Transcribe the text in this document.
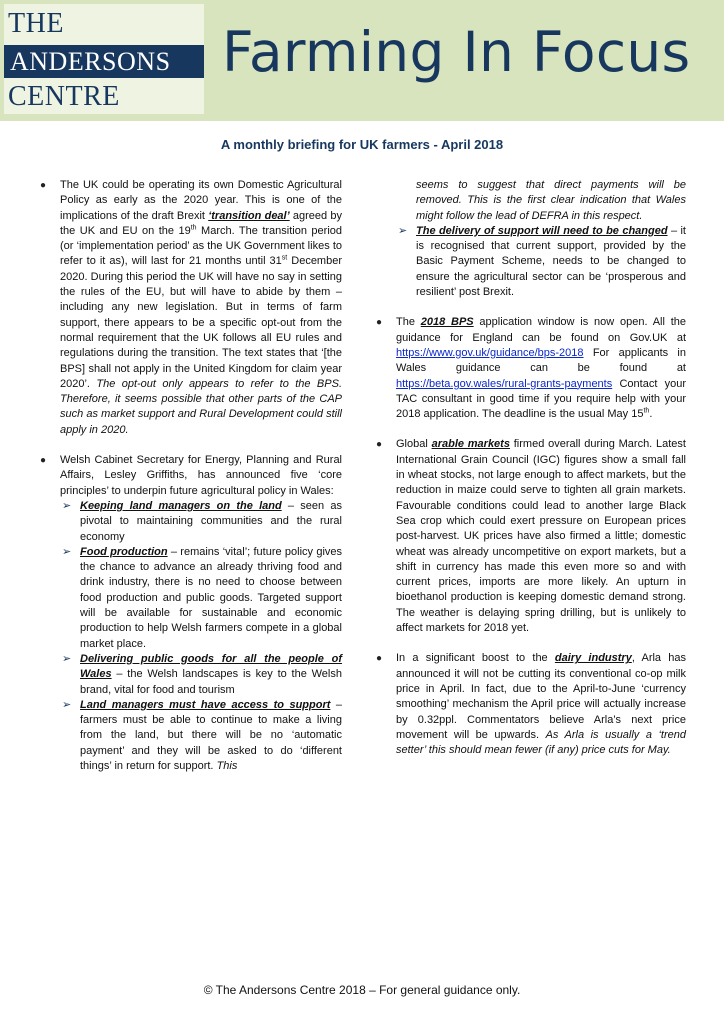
THE
ANDERSONS
CENTRE
Farming In Focus
A monthly briefing for UK farmers - April 2018
● The UK could be operating its own Domestic Agricultural Policy as early as the 2020 year. This is one of the implications of the draft Brexit ‘transition deal’ agreed by the UK and EU on the 19th March. The transition period (or ‘implementation period’ as the UK Government likes to refer to it as), will last for 21 months until 31st December 2020. During this period the UK will have no say in setting the rules of the EU, but will have to abide by them – including any new legislation. But in terms of farm support, there appears to be a specific opt-out from the normal requirement that the UK follows all EU rules and regulations during the transition. The text states that ‘[the BPS] shall not apply in the United Kingdom for claim year 2020’. The opt-out only appears to refer to the BPS. Therefore, it seems possible that other parts of the CAP such as market support and Rural Development could still apply in 2020.
● Welsh Cabinet Secretary for Energy, Planning and Rural Affairs, Lesley Griffiths, has announced five ‘core principles’ to underpin future agricultural policy in Wales:
➢ Keeping land managers on the land – seen as pivotal to maintaining communities and the rural economy
➢ Food production – remains ‘vital’; future policy gives the chance to advance an already thriving food and drink industry, there is no need to choose between food production and public goods. Targeted support will be available for sustainable and economic production to help Welsh farmers compete in a global market place.
➢ Delivering public goods for all the people of Wales – the Welsh landscapes is key to the Welsh brand, vital for food and tourism
➢ Land managers must have access to support – farmers must be able to continue to make a living from the land, but there will be no ‘automatic payment’ and they will be asked to do ‘different things’ in return for support. This
seems to suggest that direct payments will be removed. This is the first clear indication that Wales might follow the lead of DEFRA in this respect.
➢ The delivery of support will need to be changed – it is recognised that current support, provided by the Basic Payment Scheme, needs to be changed to ensure the agricultural sector can be ‘prosperous and resilient’ post Brexit.
● The 2018 BPS application window is now open. All the guidance for England can be found on Gov.UK at https://www.gov.uk/guidance/bps-2018 For applicants in Wales guidance can be found at https://beta.gov.wales/rural-grants-payments Contact your TAC consultant in good time if you require help with your 2018 application. The deadline is the usual May 15th.
● Global arable markets firmed overall during March. Latest International Grain Council (IGC) figures show a small fall in wheat stocks, not large enough to affect markets, but the reduction in maize could serve to tighten all grain markets. Favourable conditions could lead to another large Black Sea crop which could exert pressure on European prices post-harvest. UK prices have also firmed a little; domestic wheat was already uncompetitive on export markets, but a shift in currency has made this even more so and with current prices, imports are more likely. An upturn in bioethanol production is keeping domestic demand strong. The weather is delaying spring drilling, but is unlikely to affect markets for 2018 yet.
● In a significant boost to the dairy industry, Arla has announced it will not be cutting its conventional co-op milk price in April. In fact, due to the April-to-June ‘currency smoothing’ mechanism the April price will actually increase by 0.32ppl. Commentators believe Arla’s next price movement will be upwards. As Arla is usually a ‘trend setter’ this should mean fewer (if any) price cuts for May.
© The Andersons Centre 2018 – For general guidance only.
